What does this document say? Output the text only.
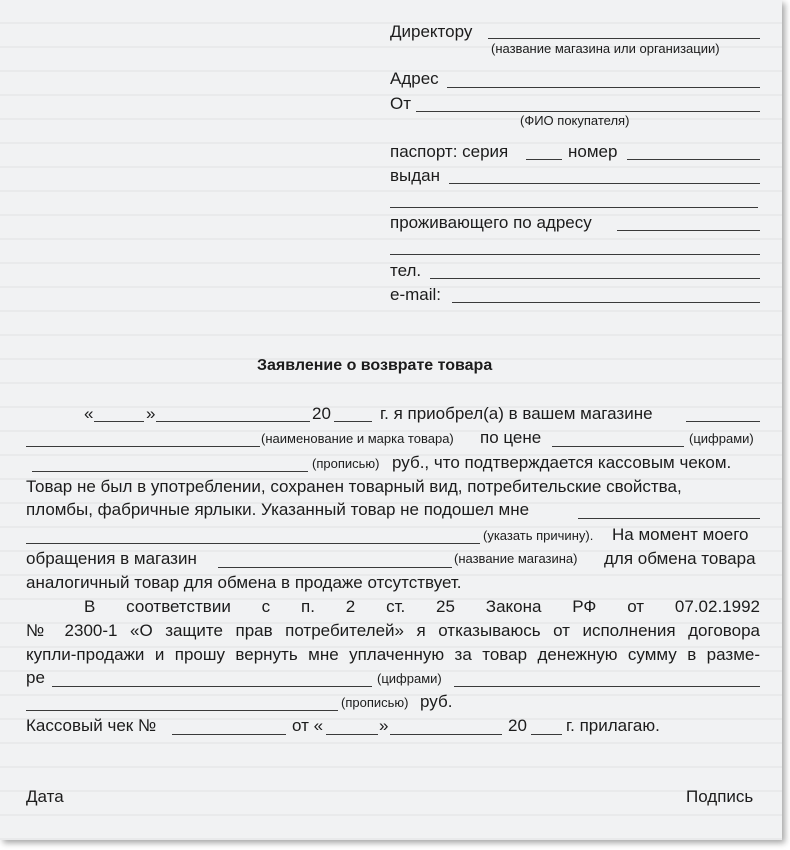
Директору
(название магазина или организации)
Адрес
От
(ФИО покупателя)
паспорт: серия	номер
выдан
проживающего по адресу
тел.
e-mail:
Заявление о возврате товара
«	»	20	г. я приобрел(а) в вашем магазине
(наименование и марка товара) по цене	(цифрами)
(прописью) руб., что подтверждается кассовым чеком.
Товар не был в употреблении, сохранен товарный вид, потребительские свойства,
пломбы, фабричные ярлыки. Указанный товар не подошел мне
(указать причину). На момент моего
обращения в магазин	(название магазина) для обмена товара
аналогичный товар для обмена в продаже отсутствует.
В соответствии с п. 2 ст. 25 Закона РФ от 07.02.1992
№ 2300-1 «О защите прав потребителей» я отказываюсь от исполнения договора
купли-продажи и прошу вернуть мне уплаченную за товар денежную сумму в разме-
ре	(цифрами)
(прописью) руб.
Кассовый чек №	от «	»	20 г. прилагаю.
Дата	Подпись
